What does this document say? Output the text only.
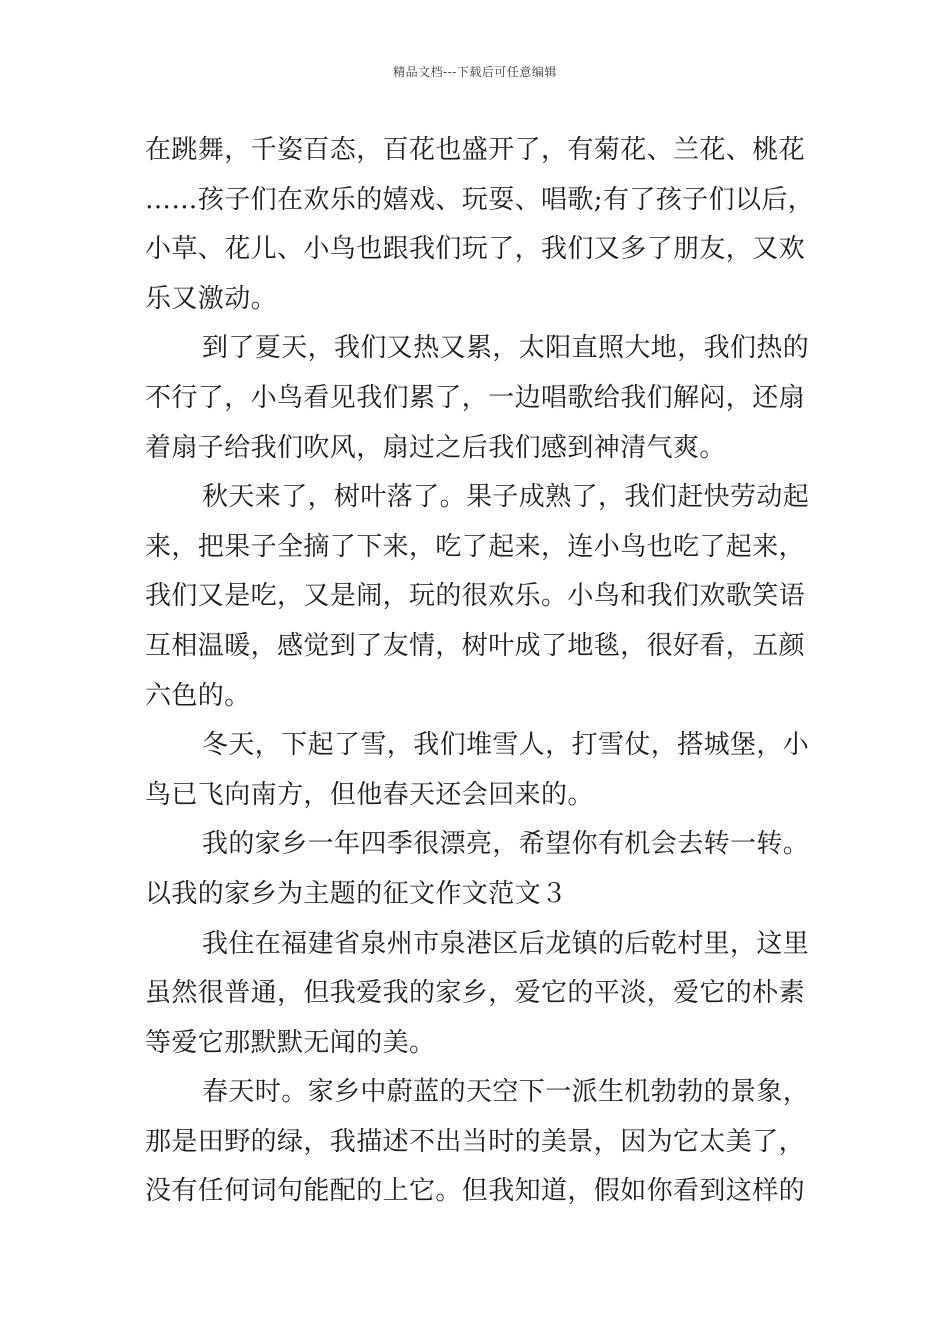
精品文档---下载后可任意编辑
在跳舞，千姿百态，百花也盛开了，有菊花、兰花、桃花
……孩子们在欢乐的嬉戏、玩耍、唱歌;有了孩子们以后，
小草、花儿、小鸟也跟我们玩了，我们又多了朋友，又欢
乐又激动。
到了夏天，我们又热又累，太阳直照大地，我们热的
不行了，小鸟看见我们累了，一边唱歌给我们解闷，还扇
着扇子给我们吹风，扇过之后我们感到神清气爽。
秋天来了，树叶落了。果子成熟了，我们赶快劳动起
来，把果子全摘了下来，吃了起来，连小鸟也吃了起来，
我们又是吃，又是闹，玩的很欢乐。小鸟和我们欢歌笑语
互相温暖，感觉到了友情，树叶成了地毯，很好看，五颜
六色的。
冬天，下起了雪，我们堆雪人，打雪仗，搭城堡，小
鸟已飞向南方，但他春天还会回来的。
我的家乡一年四季很漂亮，希望你有机会去转一转。
以我的家乡为主题的征文作文范文３
我住在福建省泉州市泉港区后龙镇的后乾村里，这里
虽然很普通，但我爱我的家乡，爱它的平淡，爱它的朴素
等爱它那默默无闻的美。
春天时。家乡中蔚蓝的天空下一派生机勃勃的景象，
那是田野的绿，我描述不出当时的美景，因为它太美了，
没有任何词句能配的上它。但我知道，假如你看到这样的
